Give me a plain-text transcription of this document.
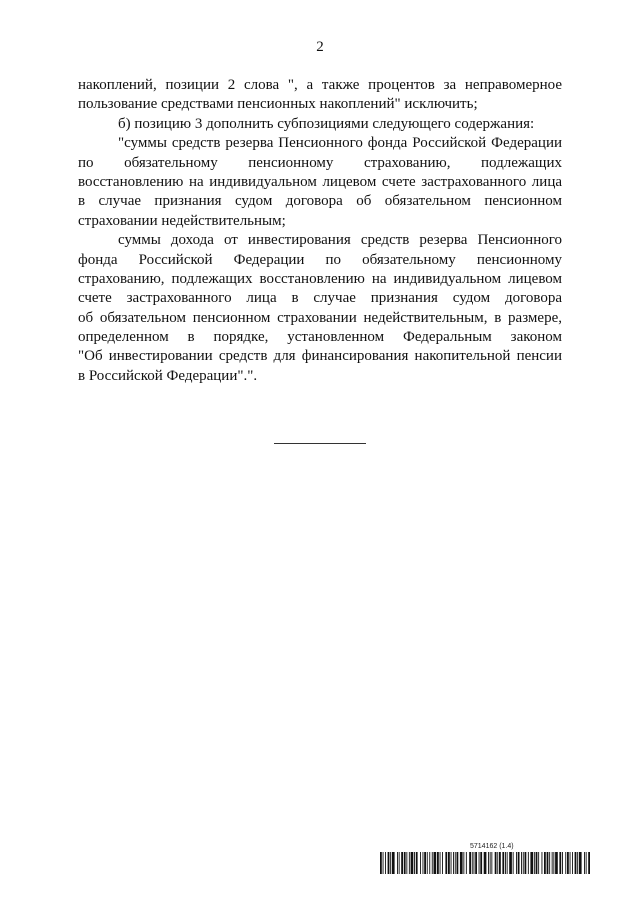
2
накоплений, позиции 2 слова ", а также процентов за неправомерное
пользование средствами пенсионных накоплений" исключить;
б) позицию 3 дополнить субпозициями следующего содержания:
"суммы средств резерва Пенсионного фонда Российской Федерации
по обязательному пенсионному страхованию, подлежащих
восстановлению на индивидуальном лицевом счете застрахованного лица
в случае признания судом договора об обязательном пенсионном
страховании недействительным;
суммы дохода от инвестирования средств резерва Пенсионного
фонда Российской Федерации по обязательному пенсионному
страхованию, подлежащих восстановлению на индивидуальном лицевом
счете застрахованного лица в случае признания судом договора
об обязательном пенсионном страховании недействительным, в размере,
определенном в порядке, установленном Федеральным законом
"Об инвестировании средств для финансирования накопительной пенсии
в Российской Федерации".".
5714162 (1.4)
